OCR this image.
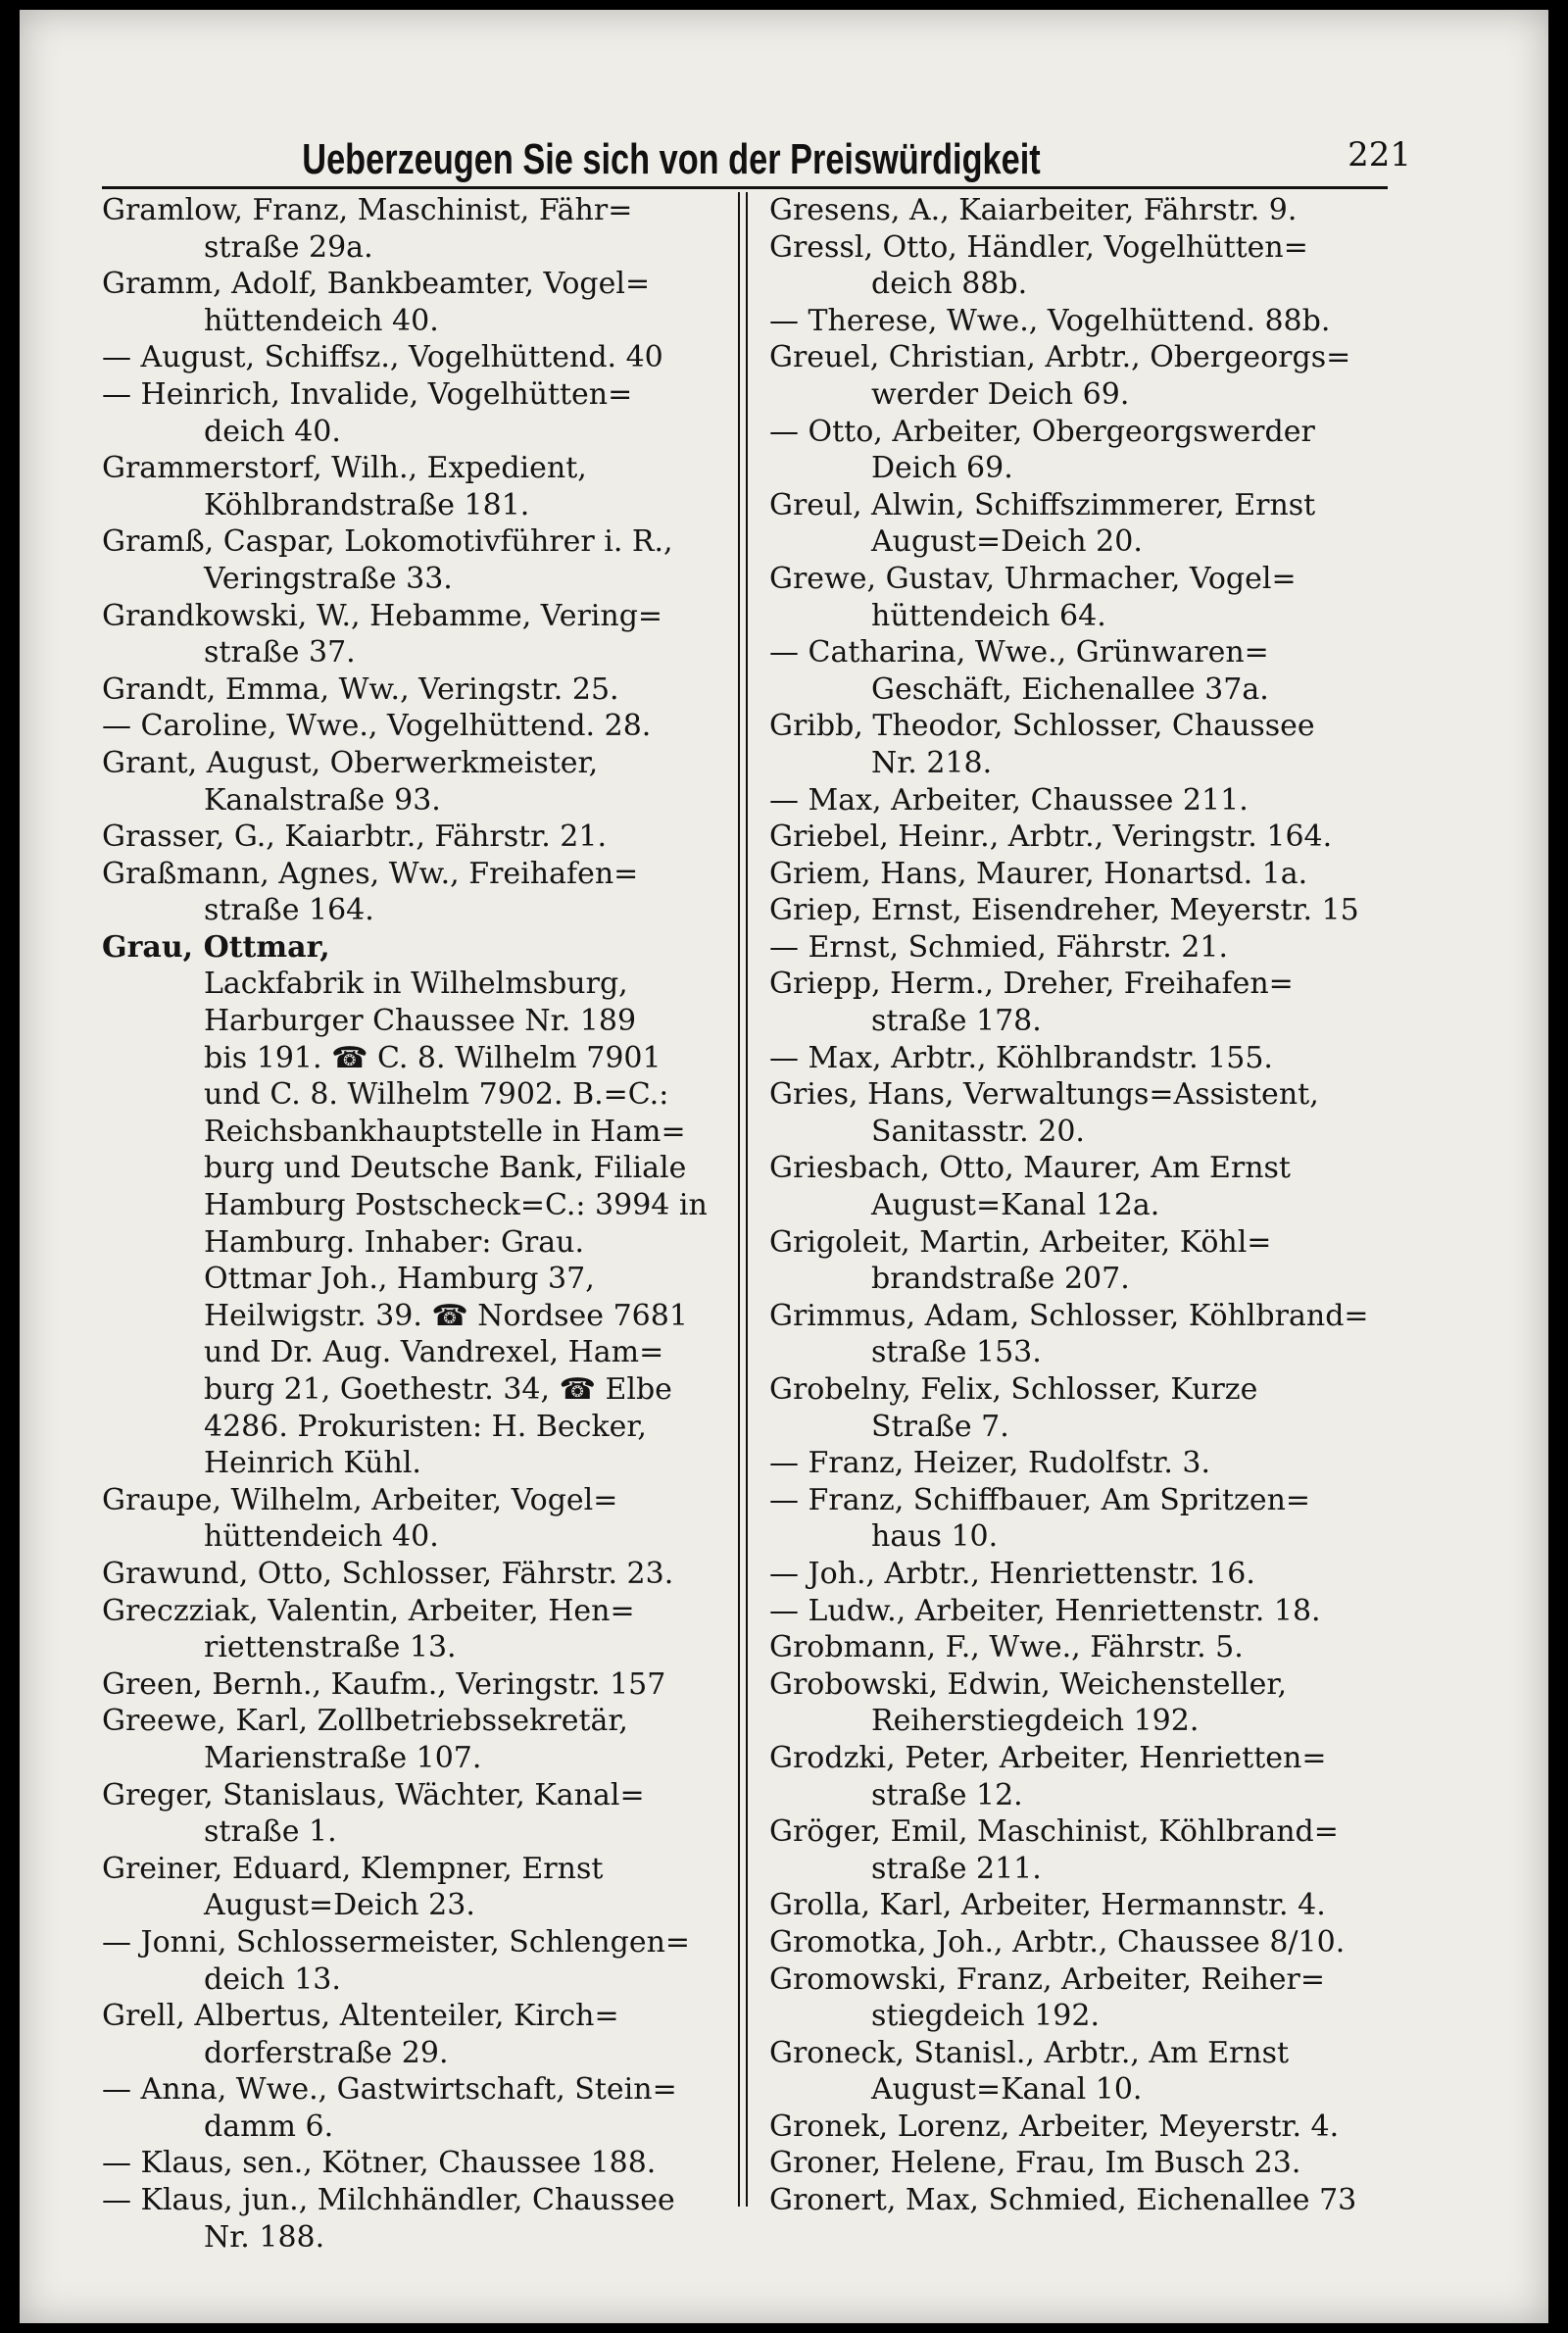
Ueberzeugen Sie sich von der Preiswürdigkeit	221
Gramlow, Franz, Maschinist, Fähr=
straße 29a.
Gramm, Adolf, Bankbeamter, Vogel=
hüttendeich 40.
— August, Schiffsz., Vogelhüttend. 40
— Heinrich, Invalide, Vogelhütten=
deich 40.
Grammerstorf, Wilh., Expedient,
Köhlbrandstraße 181.
Gramß, Caspar, Lokomotivführer i. R.,
Veringstraße 33.
Grandkowski, W., Hebamme, Vering=
straße 37.
Grandt, Emma, Ww., Veringstr. 25.
— Caroline, Wwe., Vogelhüttend. 28.
Grant, August, Oberwerkmeister,
Kanalstraße 93.
Grasser, G., Kaiarbtr., Fährstr. 21.
Graßmann, Agnes, Ww., Freihafen=
straße 164.
Grau, Ottmar,
Lackfabrik in Wilhelmsburg,
Harburger Chaussee Nr. 189
bis 191. ☎ C. 8. Wilhelm 7901
und C. 8. Wilhelm 7902. B.=C.:
Reichsbankhauptstelle in Ham=
burg und Deutsche Bank, Filiale
Hamburg Postscheck=C.: 3994 in
Hamburg. Inhaber: Grau.
Ottmar Joh., Hamburg 37,
Heilwigstr. 39. ☎ Nordsee 7681
und Dr. Aug. Vandrexel, Ham=
burg 21, Goethestr. 34, ☎ Elbe
4286. Prokuristen: H. Becker,
Heinrich Kühl.
Graupe, Wilhelm, Arbeiter, Vogel=
hüttendeich 40.
Grawund, Otto, Schlosser, Fährstr. 23.
Greczziak, Valentin, Arbeiter, Hen=
riettenstraße 13.
Green, Bernh., Kaufm., Veringstr. 157
Greewe, Karl, Zollbetriebssekretär,
Marienstraße 107.
Greger, Stanislaus, Wächter, Kanal=
straße 1.
Greiner, Eduard, Klempner, Ernst
August=Deich 23.
— Jonni, Schlossermeister, Schlengen=
deich 13.
Grell, Albertus, Altenteiler, Kirch=
dorferstraße 29.
— Anna, Wwe., Gastwirtschaft, Stein=
damm 6.
— Klaus, sen., Kötner, Chaussee 188.
— Klaus, jun., Milchhändler, Chaussee
Nr. 188.
Gresens, A., Kaiarbeiter, Fährstr. 9.
Gressl, Otto, Händler, Vogelhütten=
deich 88b.
— Therese, Wwe., Vogelhüttend. 88b.
Greuel, Christian, Arbtr., Obergeorgs=
werder Deich 69.
— Otto, Arbeiter, Obergeorgswerder
Deich 69.
Greul, Alwin, Schiffszimmerer, Ernst
August=Deich 20.
Grewe, Gustav, Uhrmacher, Vogel=
hüttendeich 64.
— Catharina, Wwe., Grünwaren=
Geschäft, Eichenallee 37a.
Gribb, Theodor, Schlosser, Chaussee
Nr. 218.
— Max, Arbeiter, Chaussee 211.
Griebel, Heinr., Arbtr., Veringstr. 164.
Griem, Hans, Maurer, Honartsd. 1a.
Griep, Ernst, Eisendreher, Meyerstr. 15
— Ernst, Schmied, Fährstr. 21.
Griepp, Herm., Dreher, Freihafen=
straße 178.
— Max, Arbtr., Köhlbrandstr. 155.
Gries, Hans, Verwaltungs=Assistent,
Sanitasstr. 20.
Griesbach, Otto, Maurer, Am Ernst
August=Kanal 12a.
Grigoleit, Martin, Arbeiter, Köhl=
brandstraße 207.
Grimmus, Adam, Schlosser, Köhlbrand=
straße 153.
Grobelny, Felix, Schlosser, Kurze
Straße 7.
— Franz, Heizer, Rudolfstr. 3.
— Franz, Schiffbauer, Am Spritzen=
haus 10.
— Joh., Arbtr., Henriettenstr. 16.
— Ludw., Arbeiter, Henriettenstr. 18.
Grobmann, F., Wwe., Fährstr. 5.
Grobowski, Edwin, Weichensteller,
Reiherstiegdeich 192.
Grodzki, Peter, Arbeiter, Henrietten=
straße 12.
Gröger, Emil, Maschinist, Köhlbrand=
straße 211.
Grolla, Karl, Arbeiter, Hermannstr. 4.
Gromotka, Joh., Arbtr., Chaussee 8/10.
Gromowski, Franz, Arbeiter, Reiher=
stiegdeich 192.
Groneck, Stanisl., Arbtr., Am Ernst
August=Kanal 10.
Gronek, Lorenz, Arbeiter, Meyerstr. 4.
Groner, Helene, Frau, Im Busch 23.
Gronert, Max, Schmied, Eichenallee 73
